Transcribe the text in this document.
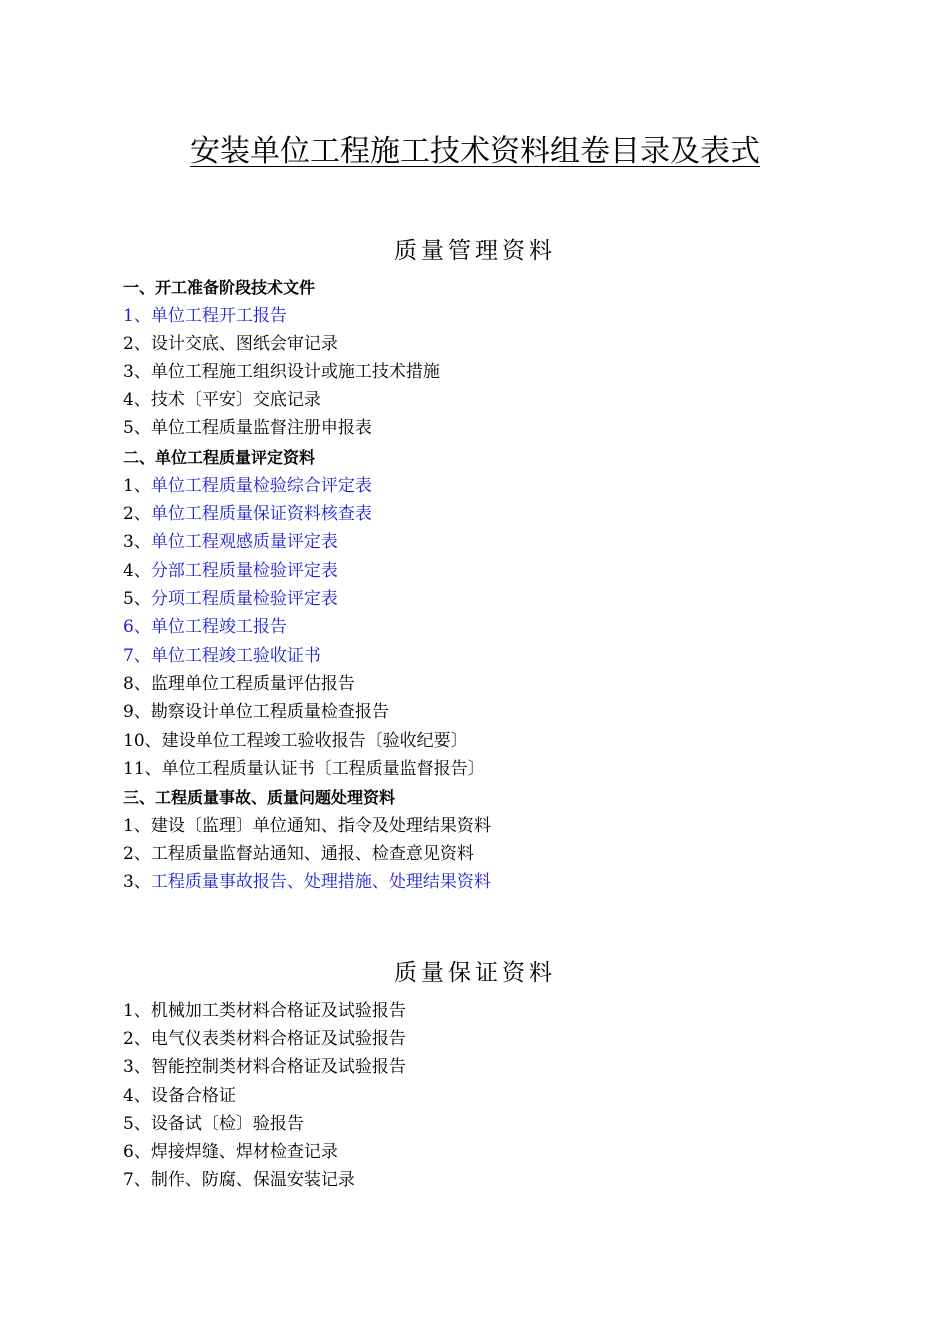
安装单位工程施工技术资料组卷目录及表式
质量管理资料
一、开工准备阶段技术文件
1、单位工程开工报告
2、设计交底、图纸会审记录
3、单位工程施工组织设计或施工技术措施
4、技术〔平安〕交底记录
5、单位工程质量监督注册申报表
二、单位工程质量评定资料
1、单位工程质量检验综合评定表
2、单位工程质量保证资料核查表
3、单位工程观感质量评定表
4、分部工程质量检验评定表
5、分项工程质量检验评定表
6、单位工程竣工报告
7、单位工程竣工验收证书
8、监理单位工程质量评估报告
9、勘察设计单位工程质量检查报告
10、建设单位工程竣工验收报告〔验收纪要〕
11、单位工程质量认证书〔工程质量监督报告〕
三、工程质量事故、质量问题处理资料
1、建设〔监理〕单位通知、指令及处理结果资料
2、工程质量监督站通知、通报、检查意见资料
3、工程质量事故报告、处理措施、处理结果资料
质量保证资料
1、机械加工类材料合格证及试验报告
2、电气仪表类材料合格证及试验报告
3、智能控制类材料合格证及试验报告
4、设备合格证
5、设备试〔检〕验报告
6、焊接焊缝、焊材检查记录
7、制作、防腐、保温安装记录
